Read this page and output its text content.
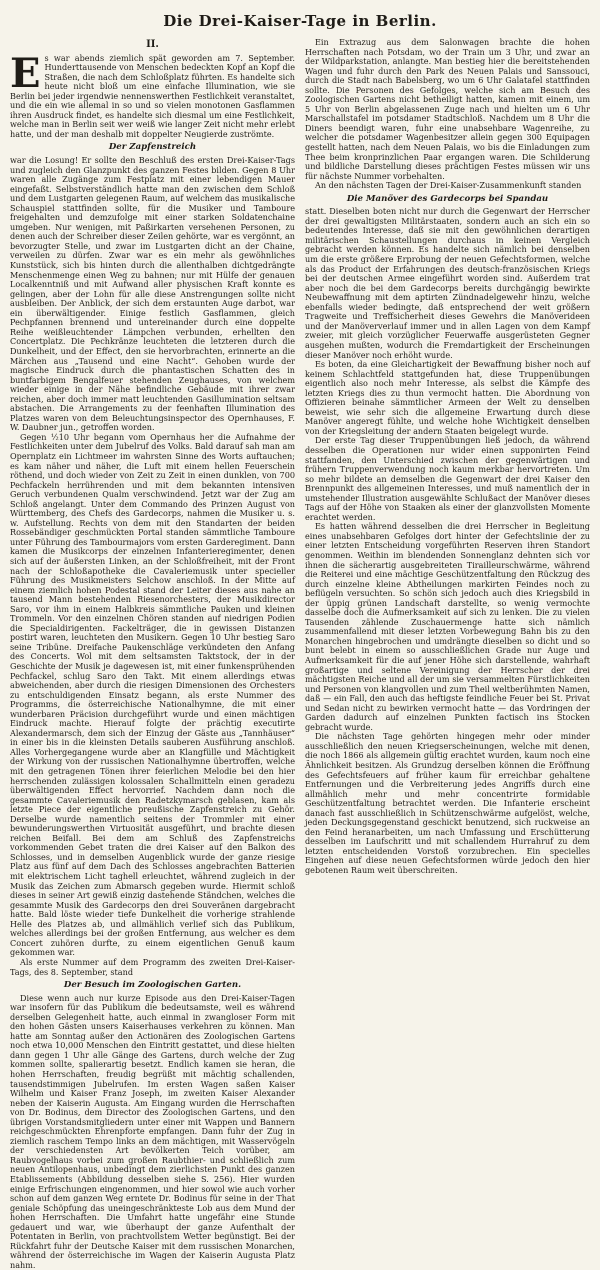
Die Drei-Kaiser-Tage in Berlin.
II.

Es war abends ziemlich spät geworden am 7. September. Hunderttausende von Menschen bedeckten Kopf an Kopf die Straßen, die nach dem Schloßplatz führten. Es handelte sich heute nicht bloß um eine einfache Illumination, wie sie Berlin bei jeder irgendwie nennenswerthen Festlichkeit veranstaltet, und die ein wie allemal in so und so vielen monotonen Gasflammen ihren Ausdruck findet, es handelte sich diesmal um eine Festlichkeit, welche man in Berlin seit wer weiß wie langer Zeit nicht mehr erlebt hatte, und der man deshalb mit doppelter Neugierde zuströmte.

Der Zapfenstreich

war die Losung! Er sollte den Beschluß des ersten Drei-Kaiser-Tags und zugleich den Glanzpunkt des ganzen Festes bilden. Gegen 8 Uhr waren alle Zugänge zum Festplatz mit einer lebendigen Mauer eingefaßt. Selbstverständlich hatte man den zwischen dem Schloß und dem Lustgarten gelegenen Raum, auf welchem das musikalische Schauspiel stattfinden sollte, für die Musiker und Tamboure freigehalten und demzufolge mit einer starken Soldatenchaine umgeben. Nur wenigen, mit Paßirkarten versehenen Personen, zu denen auch der Schreiber dieser Zeilen gehörte, war es vergönnt, an bevorzugter Stelle, und zwar im Lustgarten dicht an der Chaine, verweilen zu dürfen. Zwar war es ein mehr als gewöhnliches Kunststück, sich bis hinten durch die allenthalben dichtgedrängte Menschenmenge einen Weg zu bahnen; nur mit Hülfe der genauen Localkenntniß und mit Aufwand aller physischen Kraft konnte es gelingen, aber der Lohn für alle diese Anstrengungen sollte nicht ausbleiben. Der Anblick, der sich dem erstaunten Auge darbot, war ein überwältigender. Einige festlich Gasflammen, gleich Pechpfannen brennend und untereinander durch eine doppelte Reihe weißleuchtender Lämpchen verbunden, erhellten den Concertplatz. Die Pechkränze leuchteten die letzteren durch die Dunkelheit, und der Effect, den sie hervorbrachten, erinnerte an die Märchen aus „Tausend und eine Nacht“. Gehoben wurde der magische Eindruck durch die phantastischen Schatten des in buntfarbigem Bengalfeuer stehenden Zeughauses, von welchem wieder einige in der Nähe befindliche Gebäude mit ihrer zwar reichen, aber doch immer matt leuchtenden Gasillumination seltsam abstachen. Die Arrangements zu der feenhaften Illumination des Platzes waren von dem Beleuchtungsinspector des Opernhauses, F. W. Daubner jun., getroffen worden.

Gegen ½10 Uhr begann vom Opernhaus her die Aufnahme der Festlichkeiten unter dem Jubelruf des Volks. Bald darauf sah man am Opernplatz ein Lichtmeer im wahrsten Sinne des Worts auftauchen; es kam näher und näher, die Luft mit einem hellen Feuerschein röthend, und doch wieder von Zeit zu Zeit in einen dunklen, von 700 Pechfackeln herrührenden und mit dem bekannten intensiven Geruch verbundenen Qualm verschwindend. Jetzt war der Zug am Schloß angelangt. Unter dem Commando des Prinzen August von Württemberg, des Chefs des Gardecorps, nahmen die Musiker u. s. w. Aufstellung. Rechts von dem mit den Standarten der beiden Rossebändiger geschmückten Portal standen sämmtliche Tamboure unter Führung des Tambourmajors vom ersten Garderegiment. Dann kamen die Musikcorps der einzelnen Infanterieregimenter, denen sich auf der äußersten Linken, an der Schloßfreiheit, mit der Front nach der Schloßapotheke die Cavaleriemusik unter specieller Führung des Musikmeisters Selchow anschloß. In der Mitte auf einem ziemlich hohen Podestal stand der Leiter dieses aus nahe an tausend Mann bestehenden Riesenorchesters, der Musikdirector Saro, vor ihm in einem Halbkreis sämmtliche Pauken und kleinen Trommeln. Vor den einzelnen Chören standen auf niedrigen Podien die Specialdirigenten. Fackelträger, die in gewissen Distanzen postirt waren, leuchteten den Musikern. Gegen 10 Uhr bestieg Saro seine Tribüne. Dreifache Paukenschläge verkündeten den Anfang des Concerts. Wol mit dem seltsamsten Taktstock, der in der Geschichte der Musik je dagewesen ist, mit einer funkensprühenden Pechfackel, schlug Saro den Takt. Mit einem allerdings etwas abweichenden, aber durch die riesigen Dimensionen des Orchesters zu entschuldigenden Einsatz begann, als erste Nummer des Programms, die österreichische Nationalhymne, die mit einer wunderbaren Präcision durchgeführt wurde und einen mächtigen Eindruck machte. Hierauf folgte der prächtig executirte Alexandermarsch, dem sich der Einzug der Gäste aus „Tannhäuser“ in einer bis in die kleinsten Details sauberen Ausführung anschloß. Alles Vorhergegangene wurde aber an Klangfülle und Mächtigkeit der Wirkung von der russischen Nationalhymne übertroffen, welche mit den getragenen Tönen ihrer feierlichen Melodie bei den hier herrschenden zulässigen kolossalen Schallmitteln einen geradezu überwältigenden Effect hervorrief. Nachdem dann noch die gesammte Cavaleriemusik den Radetzkymarsch geblasen, kam als letzte Piece der eigentliche preußische Zapfenstreich zu Gehör. Derselbe wurde namentlich seitens der Trommler mit einer bewunderungswerthen Virtuosität ausgeführt, und brachte diesen reichen Beifall. Bei dem am Schluß des Zapfenstreichs vorkommenden Gebet traten die drei Kaiser auf den Balkon des Schlosses, und in demselben Augenblick wurde der ganze riesige Platz aus fünf auf dem Dach des Schlosses angebrachten Batterien mit elektrischem Licht taghell erleuchtet, während zugleich in der Musik das Zeichen zum Abmarsch gegeben wurde. Hiermit schloß dieses in seiner Art gewiß einzig dastehende Ständchen, welches die gesammte Musik des Gardecorps den drei Souveränen dargebracht hatte. Bald löste wieder tiefe Dunkelheit die vorherige strahlende Helle des Platzes ab, und allmählich verlief sich das Publikum, welches allerdings bei der großen Entfernung, aus welcher es dem Concert zuhören durfte, zu einem eigentlichen Genuß kaum gekommen war.

Als erste Nummer auf dem Programm des zweiten Drei-Kaiser-Tags, des 8. September, stand

Der Besuch im Zoologischen Garten.

Diese wenn auch nur kurze Episode aus den Drei-Kaiser-Tagen war insofern für das Publikum die bedeutsamste, weil es während derselben Gelegenheit hatte, auch einmal in zwangloser Form mit den hohen Gästen unsers Kaiserhauses verkehren zu können. Man hatte am Sonntag außer den Actionären des Zoologischen Gartens noch etwa 10,000 Menschen den Eintritt gestattet, und diese hielten dann gegen 1 Uhr alle Gänge des Gartens, durch welche der Zug kommen sollte, spalierartig besetzt. Endlich kamen sie heran, die hohen Herrschaften, freudig begrüßt mit mächtig schallenden, tausendstimmigen Jubelrufen. Im ersten Wagen saßen Kaiser Wilhelm und Kaiser Franz Joseph, im zweiten Kaiser Alexander neben der Kaiserin Augusta. Am Eingang wurden die Herrschaften von Dr. Bodinus, dem Director des Zoologischen Gartens, und den übrigen Vorstandsmitgliedern unter einer mit Wappen und Bannern reichgeschmückten Ehrenpforte empfangen. Dann fuhr der Zug in ziemlich raschem Tempo links an dem mächtigen, mit Wasservögeln der verschiedensten Art bevölkerten Teich vorüber, am Raubvogelhaus vorbei zum großen Raubthier- und schließlich zum neuen Antilopenhaus, unbedingt dem zierlichsten Punkt des ganzen Etablissements (Abbildung desselben siehe S. 256). Hier wurden einige Erfrischungen eingenommen, und hier sowol wie auch vorher schon auf dem ganzen Weg erntete Dr. Bodinus für seine in der That geniale Schöpfung das uneingeschränkteste Lob aus dem Mund der hohen Herrschaften. Die Umfahrt hatte ungefähr eine Stunde gedauert und war, wie überhaupt der ganze Aufenthalt der Potentaten in Berlin, von prachtvollstem Wetter begünstigt. Bei der Rückfahrt fuhr der Deutsche Kaiser mit dem russischen Monarchen, während der österreichische im Wagen der Kaiserin Augusta Platz nahm.

Ein Extrazug aus dem Salonwagen brachte die hohen Herrschaften nach Potsdam, wo der Train um 3 Uhr, und zwar an der Wildparkstation, anlangte. Man bestieg hier die bereitstehenden Wagen und fuhr durch den Park des Neuen Palais und Sanssouci, durch die Stadt nach Babelsberg, wo um 6 Uhr Galatafel stattfinden sollte. Die Personen des Gefolges, welche sich am Besuch des Zoologischen Gartens nicht betheiligt hatten, kamen mit einem, um 5 Uhr von Berlin abgelassenen Zuge nach und hielten um 6 Uhr Marschallstafel im potsdamer Stadtschloß. Nachdem um 8 Uhr die Diners beendigt waren, fuhr eine unabsehbare Wagenreihe, zu welcher die potsdamer Wagenbesitzer allein gegen 300 Equipagen gestellt hatten, nach dem Neuen Palais, wo bis die Einladungen zum Thee beim kronprinzlichen Paar ergangen waren. Die Schilderung und bildliche Darstellung dieses prächtigen Festes müssen wir uns für nächste Nummer vorbehalten.

An den nächsten Tagen der Drei-Kaiser-Zusammenkunft standen

Die Manöver des Gardecorps bei Spandau

statt. Dieselben boten nicht nur durch die Gegenwart der Herrscher der drei gewaltigsten Militärstaaten, sondern auch an sich ein so bedeutendes Interesse, daß sie mit den gewöhnlichen derartigen militärischen Schaustellungen durchaus in keinen Vergleich gebracht werden können. Es handelte sich nämlich bei denselben um die erste größere Erprobung der neuen Gefechtsformen, welche als das Product der Erfahrungen des deutsch-französischen Kriegs bei der deutschen Armee eingeführt worden sind. Außerdem trat aber noch die bei dem Gardecorps bereits durchgängig bewirkte Neubewaffnung mit dem aptirten Zündnadelgewehr hinzu, welche ebenfalls wieder bedingte, daß entsprechend der weit größern Tragweite und Treffsicherheit dieses Gewehrs die Manöverideen und der Manöververlauf immer und in allen Lagen von dem Kampf zweier, mit gleich vorzüglicher Feuerwaffe ausgerüsteten Gegner ausgehen mußten, wodurch die Fremdartigkeit der Erscheinungen dieser Manöver noch erhöht wurde.

Es boten, da eine Gleichartigkeit der Bewaffnung bisher noch auf keinem Schlachtfeld stattgefunden hat, diese Truppenübungen eigentlich also noch mehr Interesse, als selbst die Kämpfe des letzten Kriegs dies zu thun vermocht hatten. Die Abordnung von Offizieren beinahe sämmtlicher Armeen der Welt zu denselben beweist, wie sehr sich die allgemeine Erwartung durch diese Manöver angeregt fühlte, und welche hohe Wichtigkeit denselben von der Kriegsleitung der andern Staaten beigelegt wurde.

Der erste Tag dieser Truppenübungen ließ jedoch, da während desselben die Operationen nur wider einen supponirten Feind stattfanden, den Unterschied zwischen der gegenwärtigen und frühern Truppenverwendung noch kaum merkbar hervortreten. Um so mehr bildete an demselben die Gegenwart der drei Kaiser den Brennpunkt des allgemeinen Interesses, und muß namentlich der in umstehender Illustration ausgewählte Schlußact der Manöver dieses Tags auf der Höhe von Staaken als einer der glanzvollsten Momente erachtet werden.

Es hatten während desselben die drei Herrscher in Begleitung eines unabsehbaren Gefolges dort hinter der Gefechtslinie der zu einer letzten Entscheidung vorgeführten Reserven ihren Standort genommen. Weithin im blendenden Sonnenglanz dehnten sich vor ihnen die sächerartig ausgebreiteten Tirailleurschwärme, während die Reiterei und eine mächtige Geschützentfaltung den Rückzug des durch einzelne kleine Abtheilungen markirten Feindes noch zu beflügeln versuchten. So schön sich jedoch auch dies Kriegsbild in der üppig grünen Landschaft darstellte, so wenig vermochte dasselbe doch die Aufmerksamkeit auf sich zu lenken. Die zu vielen Tausenden zählende Zuschauermenge hatte sich nämlich zusammenfallend mit dieser letzten Vorbewegung Bahn bis zu den Monarchen hingebrochen und umdrängte dieselben so dicht und so bunt belebt in einem so ausschließlichen Grade nur Auge und Aufmerksamkeit für die auf jener Höhe sich darstellende, wahrhaft großartige und seltene Vereinigung der Herrscher der drei mächtigsten Reiche und all der um sie versammelten Fürstlichkeiten und Personen von klangvollen und zum Theil weltberühmten Namen, daß — ein Fall, den auch das heftigste feindliche Feuer bei St. Privat und Sedan nicht zu bewirken vermocht hatte — das Vordringen der Garden dadurch auf einzelnen Punkten factisch ins Stocken gebracht wurde.

Die nächsten Tage gehörten hingegen mehr oder minder ausschließlich den neuen Kriegserscheinungen, welche mit denen, die noch 1866 als allgemein gültig erachtet wurden, kaum noch eine Ähnlichkeit besitzen. Als Grundzug derselben können die Eröffnung des Gefechtsfeuers auf früher kaum für erreichbar gehaltene Entfernungen und die Verbreiterung jedes Angriffs durch eine allmählich mehr und mehr concentrirte formidable Geschützentfaltung betrachtet werden. Die Infanterie erscheint danach fast ausschließlich in Schützenschwärme aufgelöst, welche, jeden Deckungsgegenstand geschickt benutzend, sich ruckweise an den Feind heranarbeiten, um nach Umfassung und Erschütterung desselben im Laufschritt und mit schallendem Hurrahruf zu dem letzten entscheidenden Vorstoß vorzubrechen. Ein specielles Eingehen auf diese neuen Gefechtsformen würde jedoch den hier gebotenen Raum weit überschreiten.
